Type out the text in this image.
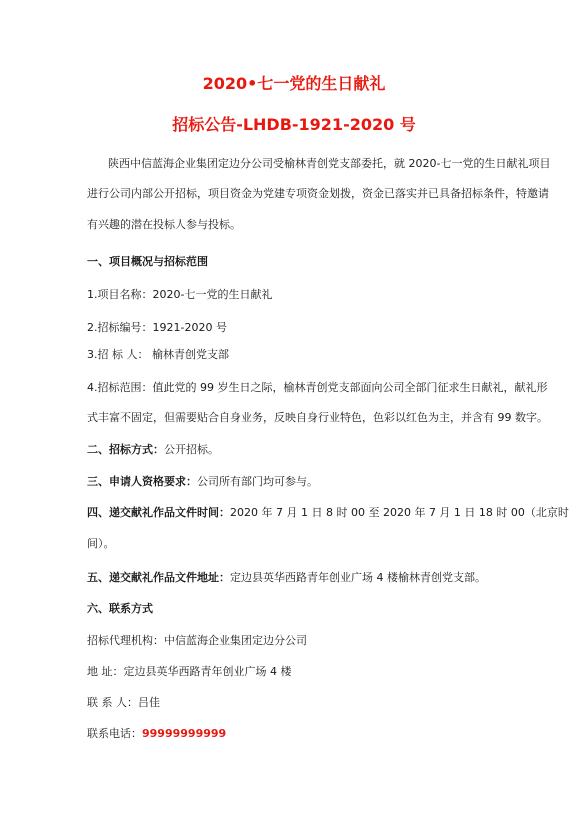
2020•七一党的生日献礼
招标公告-LHDB-1921-2020 号
陕西中信蓝海企业集团定边分公司受榆林青创党支部委托，就 2020-七一党的生日献礼项目
进行公司内部公开招标，项目资金为党建专项资金划拨，资金已落实并已具备招标条件，特邀请
有兴趣的潜在投标人参与投标。
一、项目概况与招标范围
1.项目名称：2020-七一党的生日献礼
2.招标编号：1921-2020 号
3.招 标 人： 榆林青创党支部
4.招标范围：值此党的 99 岁生日之际，榆林青创党支部面向公司全部门征求生日献礼，献礼形
式丰富不固定，但需要贴合自身业务，反映自身行业特色，色彩以红色为主，并含有 99 数字。
二、招标方式：公开招标。
三、申请人资格要求：公司所有部门均可参与。
四、递交献礼作品文件时间：2020 年 7 月 1 日 8 时 00 至 2020 年 7 月 1 日 18 时 00（北京时
间）。
五、递交献礼作品文件地址：定边县英华西路青年创业广场 4 楼榆林青创党支部。
六、联系方式
招标代理机构：中信蓝海企业集团定边分公司
地 址：定边县英华西路青年创业广场 4 楼
联 系 人：吕佳
联系电话：99999999999
